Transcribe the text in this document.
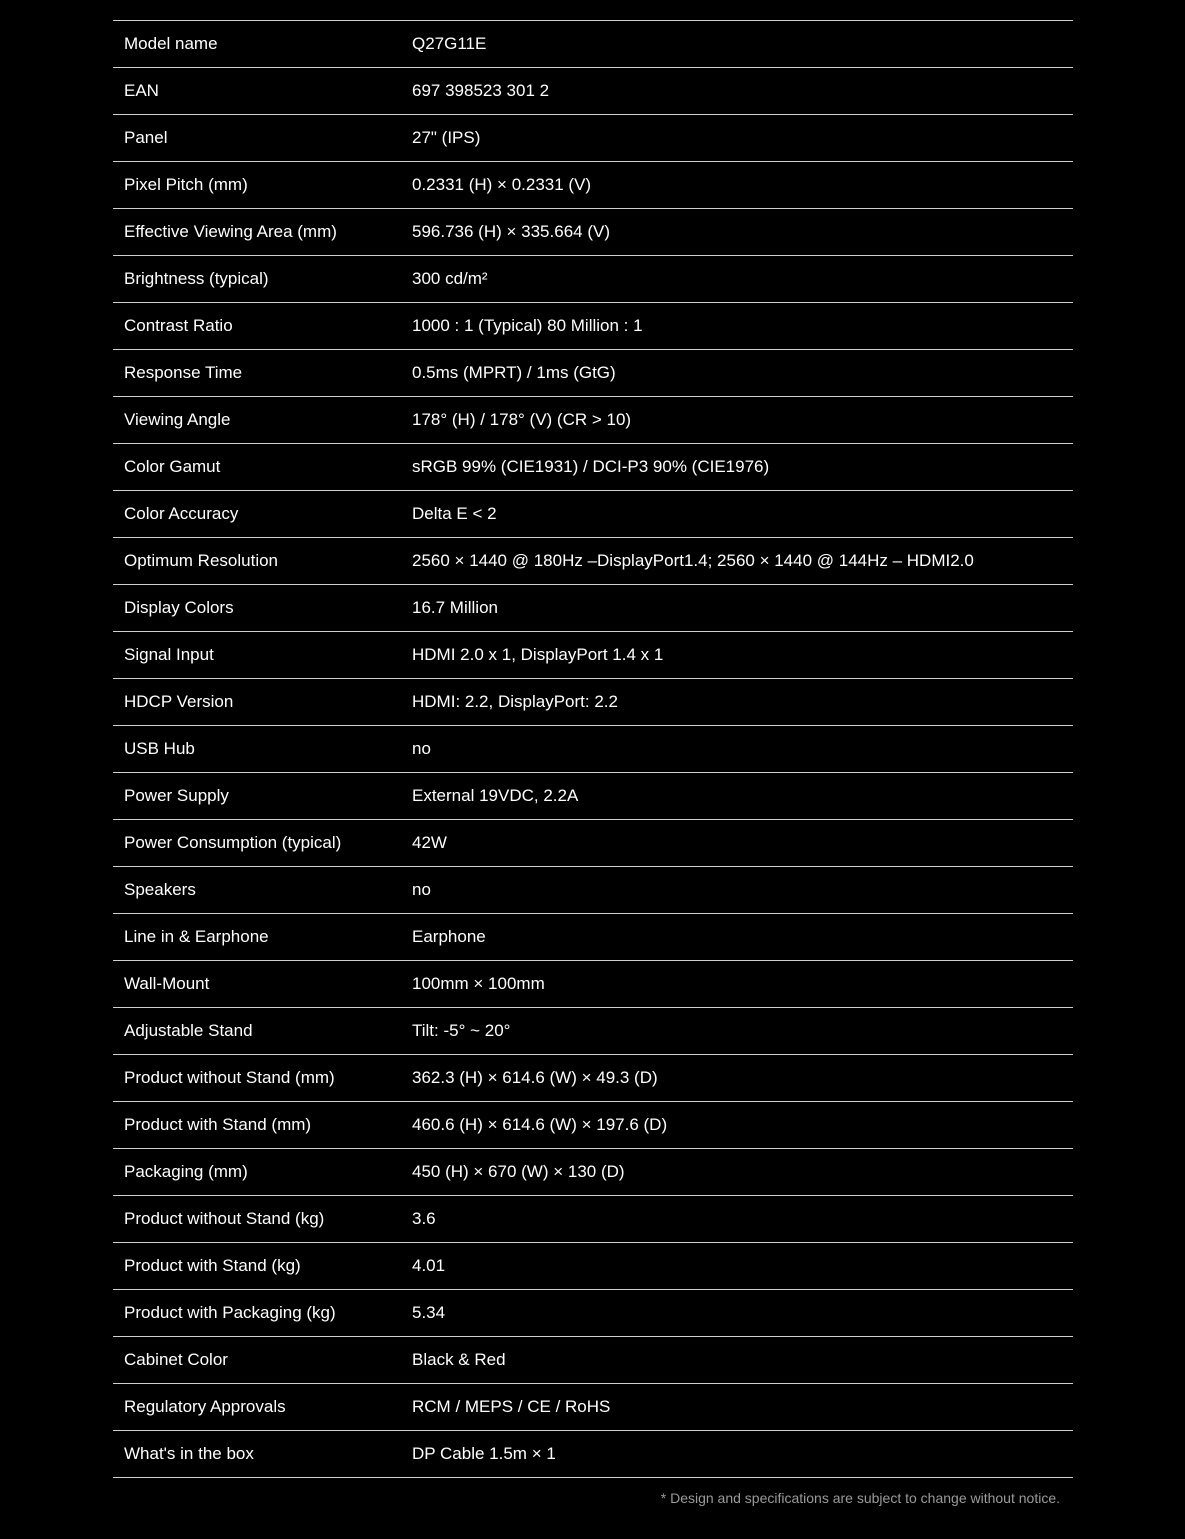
Model name	Q27G11E
EAN	697 398523 301 2
Panel	27" (IPS)
Pixel Pitch (mm)	0.2331 (H) × 0.2331 (V)
Effective Viewing Area (mm)	596.736 (H) × 335.664 (V)
Brightness (typical)	300 cd/m²
Contrast Ratio	1000 : 1 (Typical) 80 Million : 1
Response Time	0.5ms (MPRT) / 1ms (GtG)
Viewing Angle	178° (H) / 178° (V) (CR > 10)
Color Gamut	sRGB 99% (CIE1931) / DCI-P3 90% (CIE1976)
Color Accuracy	Delta E < 2
Optimum Resolution	2560 × 1440 @ 180Hz –DisplayPort1.4; 2560 × 1440 @ 144Hz – HDMI2.0
Display Colors	16.7 Million
Signal Input	HDMI 2.0 x 1, DisplayPort 1.4 x 1
HDCP Version	HDMI: 2.2, DisplayPort: 2.2
USB Hub	no
Power Supply	External 19VDC, 2.2A
Power Consumption (typical)	42W
Speakers	no
Line in & Earphone	Earphone
Wall-Mount	100mm × 100mm
Adjustable Stand	Tilt: -5° ~ 20°
Product without Stand (mm)	362.3 (H) × 614.6 (W) × 49.3 (D)
Product with Stand (mm)	460.6 (H) × 614.6 (W) × 197.6 (D)
Packaging (mm)	450 (H) × 670 (W) × 130 (D)
Product without Stand (kg)	3.6
Product with Stand (kg)	4.01
Product with Packaging (kg)	5.34
Cabinet Color	Black & Red
Regulatory Approvals	RCM / MEPS / CE / RoHS
What's in the box	DP Cable 1.5m × 1
* Design and specifications are subject to change without notice.
